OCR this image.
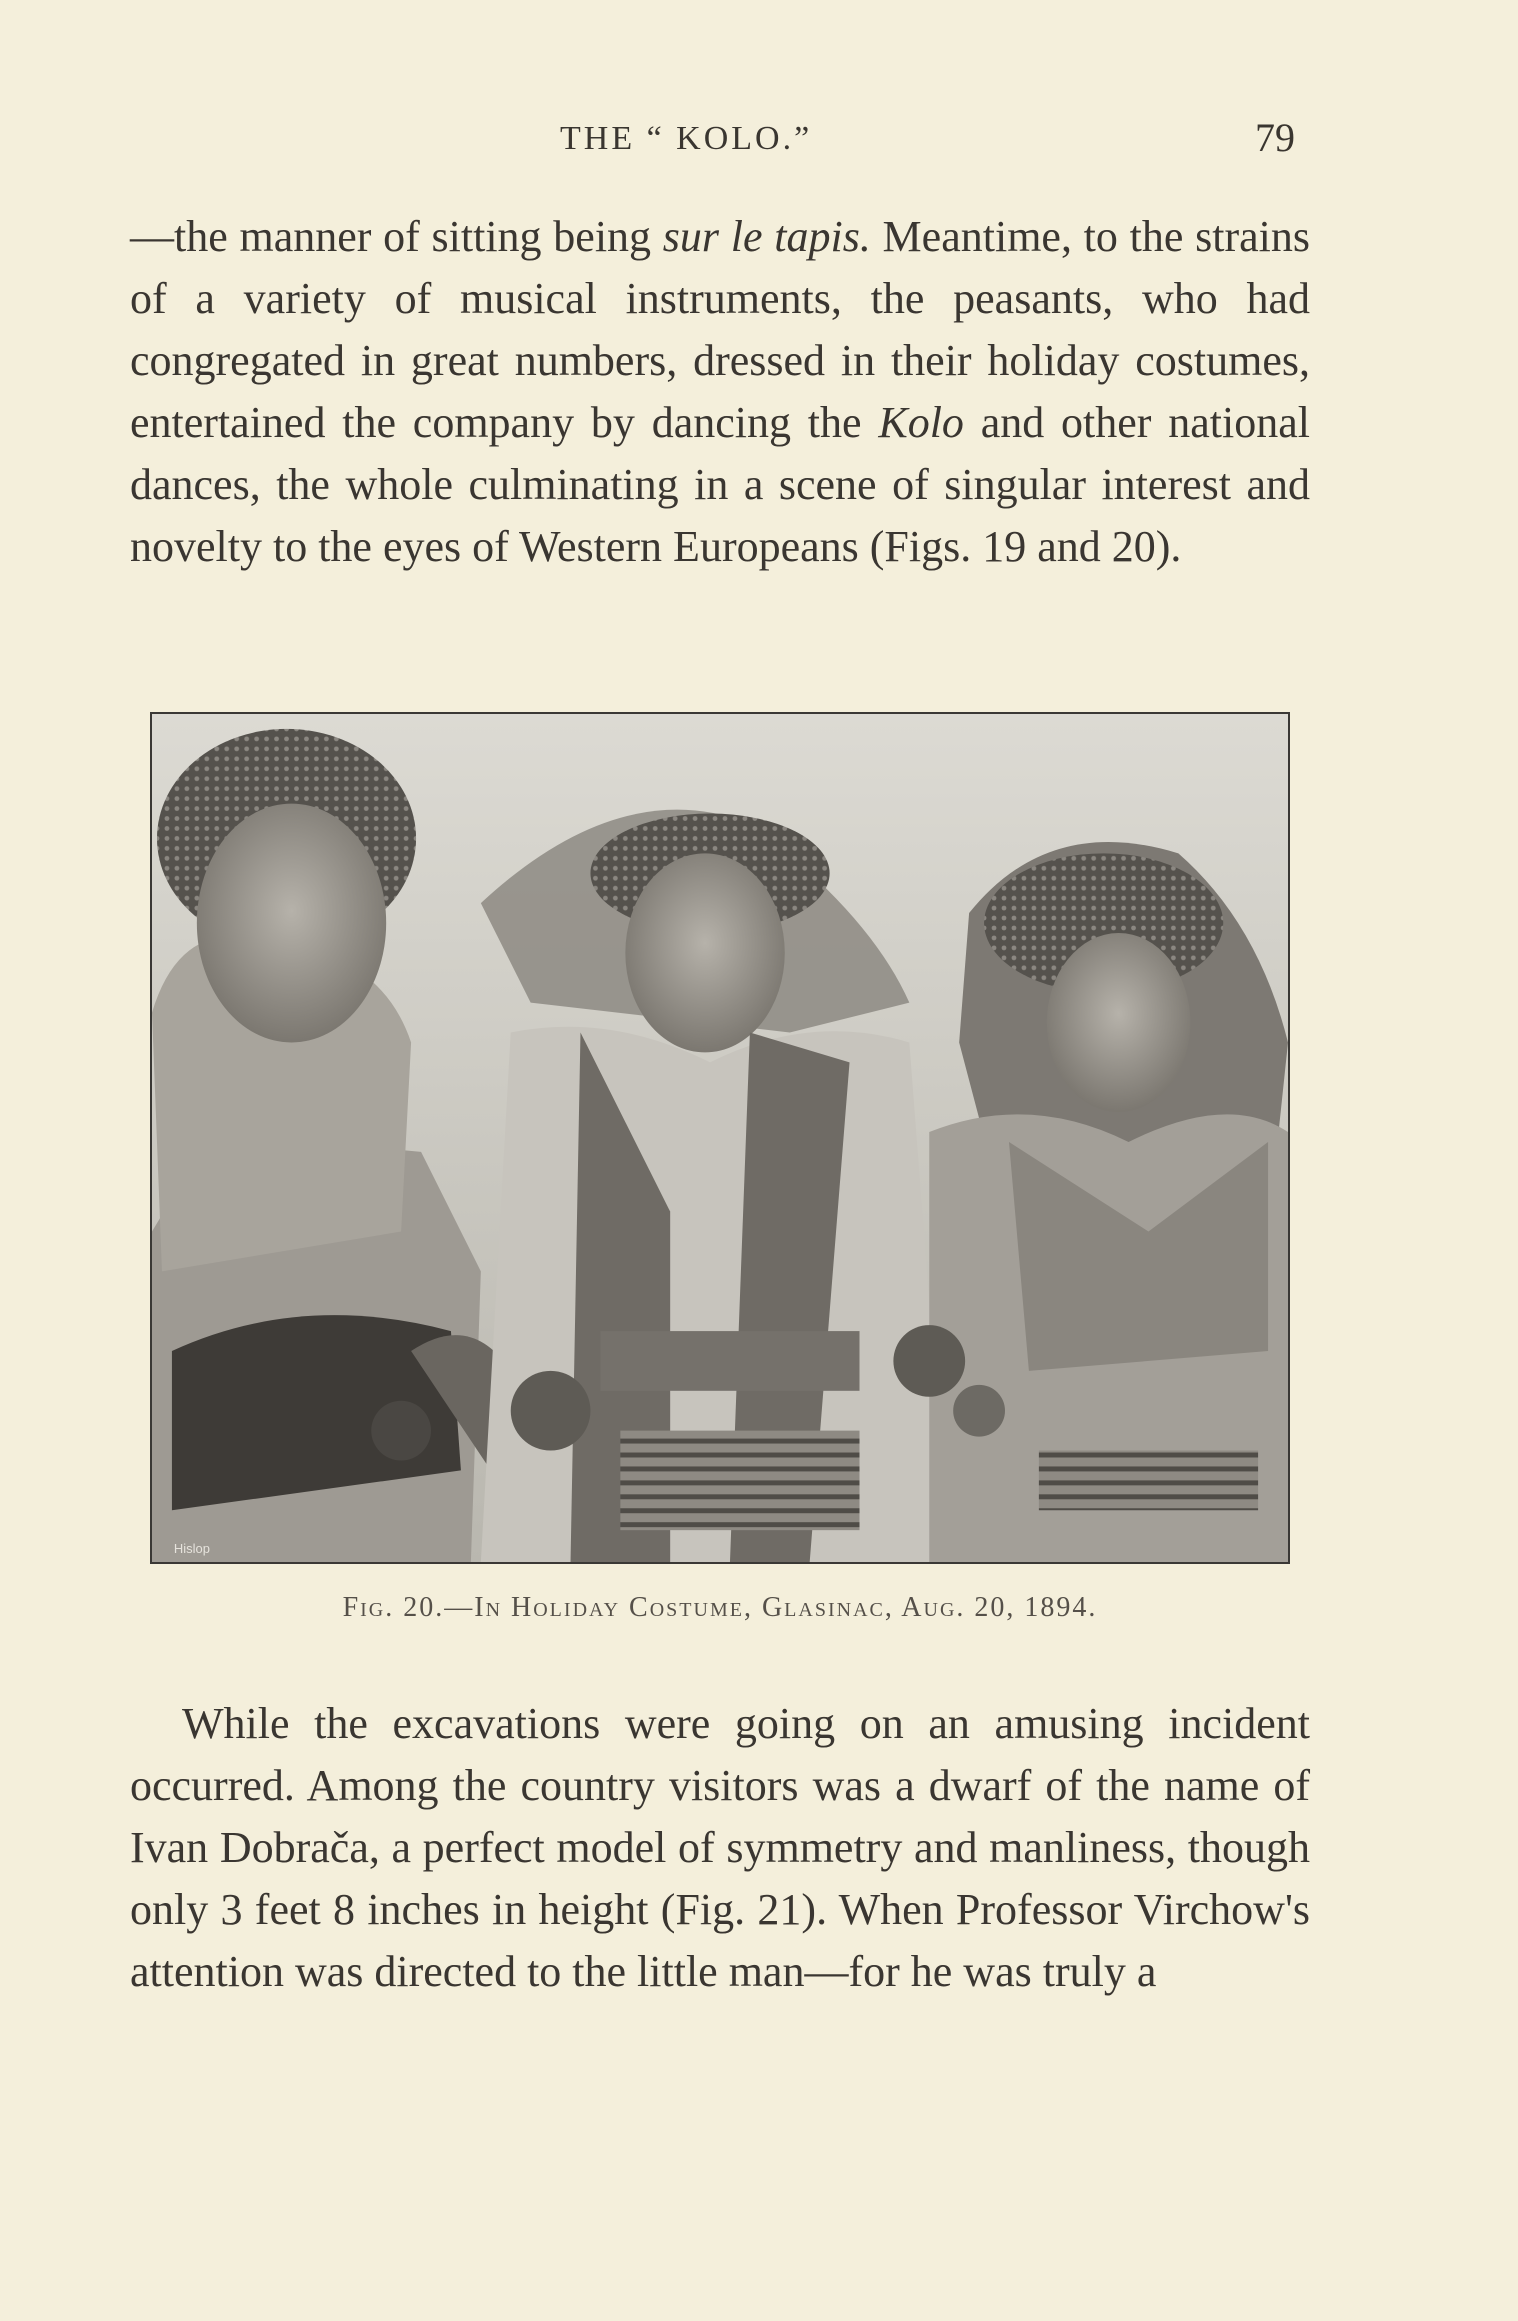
THE “ KOLO.”	79

—the manner of sitting being sur le tapis. Meantime, to the strains of a variety of musical instruments, the peasants, who had congregated in great numbers, dressed in their holiday costumes, entertained the company by dancing the Kolo and other national dances, the whole culminating in a scene of singular interest and novelty to the eyes of Western Europeans (Figs. 19 and 20).

Hislop
Fig. 20.—In Holiday Costume, Glasinac, Aug. 20, 1894.

While the excavations were going on an amusing incident occurred. Among the country visitors was a dwarf of the name of Ivan Dobrača, a perfect model of symmetry and manliness, though only 3 feet 8 inches in height (Fig. 21). When Professor Virchow's attention was directed to the little man—for he was truly a
